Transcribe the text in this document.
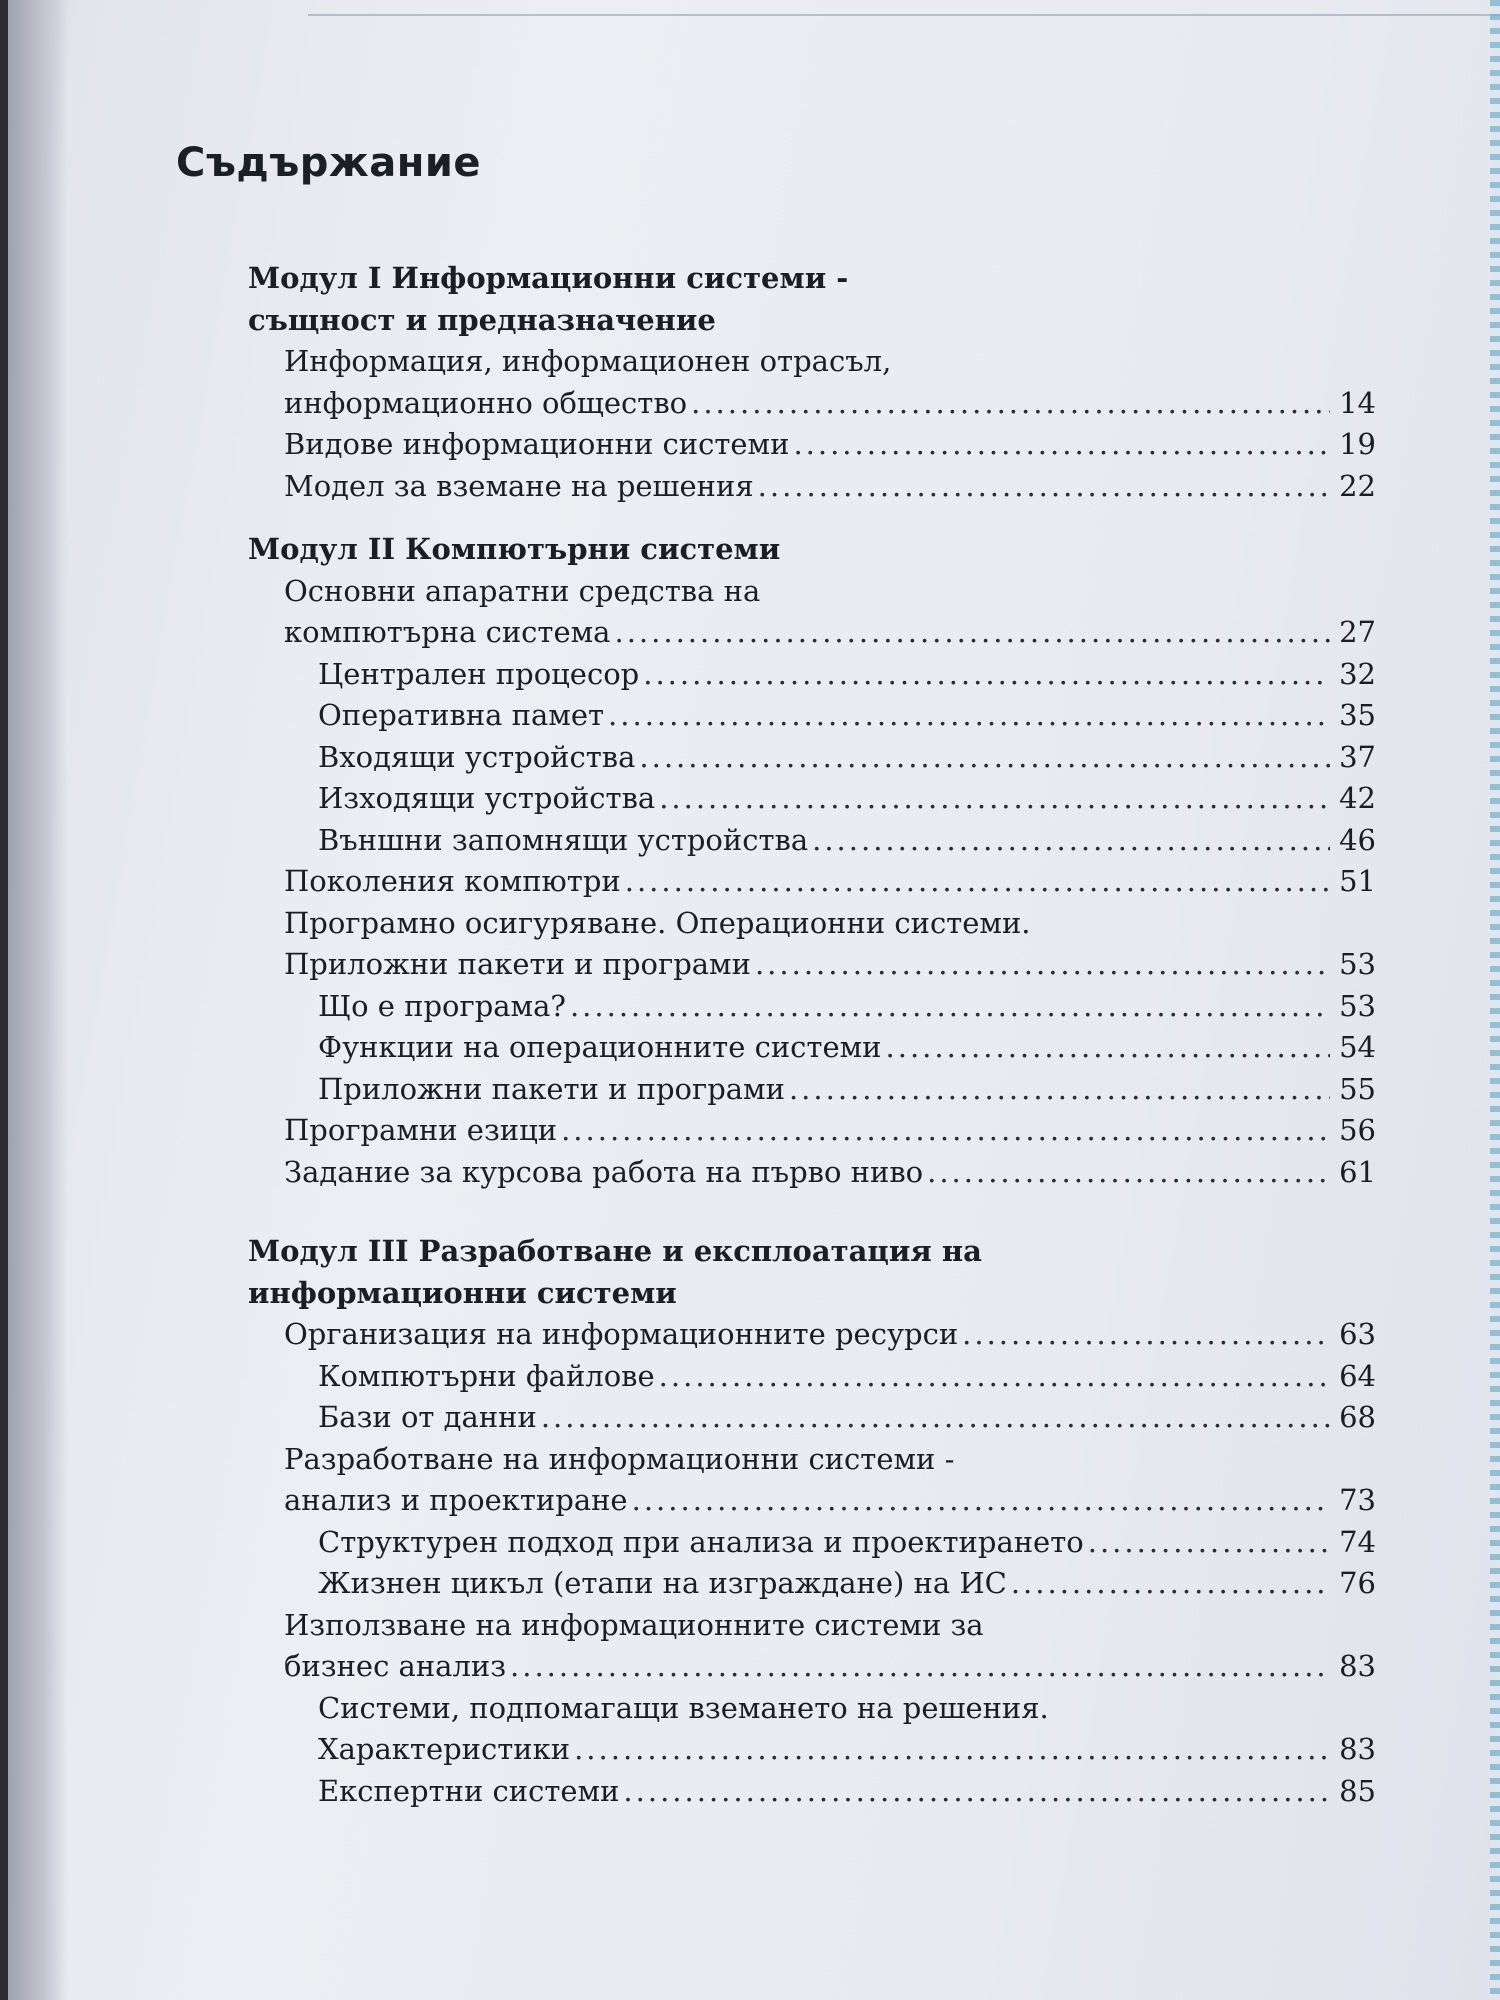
Съдържание
Модул I Информационни системи -
същност и предназначение
Информация, информационен отрасъл,
информационно общество .....	14
Видове информационни системи .....	19
Модел за вземане на решения .....	22
Модул II Компютърни системи
Основни апаратни средства на
компютърна система .....	27
Централен процесор .....	32
Оперативна памет .....	35
Входящи устройства .....	37
Изходящи устройства .....	42
Външни запомнящи устройства .....	46
Поколения компютри .....	51
Програмно осигуряване. Операционни системи.
Приложни пакети и програми .....	53
Що е програма? .....	53
Функции на операционните системи .....	54
Приложни пакети и програми .....	55
Програмни езици .....	56
Задание за курсова работа на първо ниво .....	61
Модул III Разработване и експлоатация на
информационни системи
Организация на информационните ресурси .....	63
Компютърни файлове .....	64
Бази от данни .....	68
Разработване на информационни системи -
анализ и проектиране .....	73
Структурен подход при анализа и проектирането .....	74
Жизнен цикъл (етапи на изграждане) на ИС .....	76
Използване на информационните системи за
бизнес анализ .....	83
Системи, подпомагащи вземането на решения.
Характеристики .....	83
Експертни системи .....	85
